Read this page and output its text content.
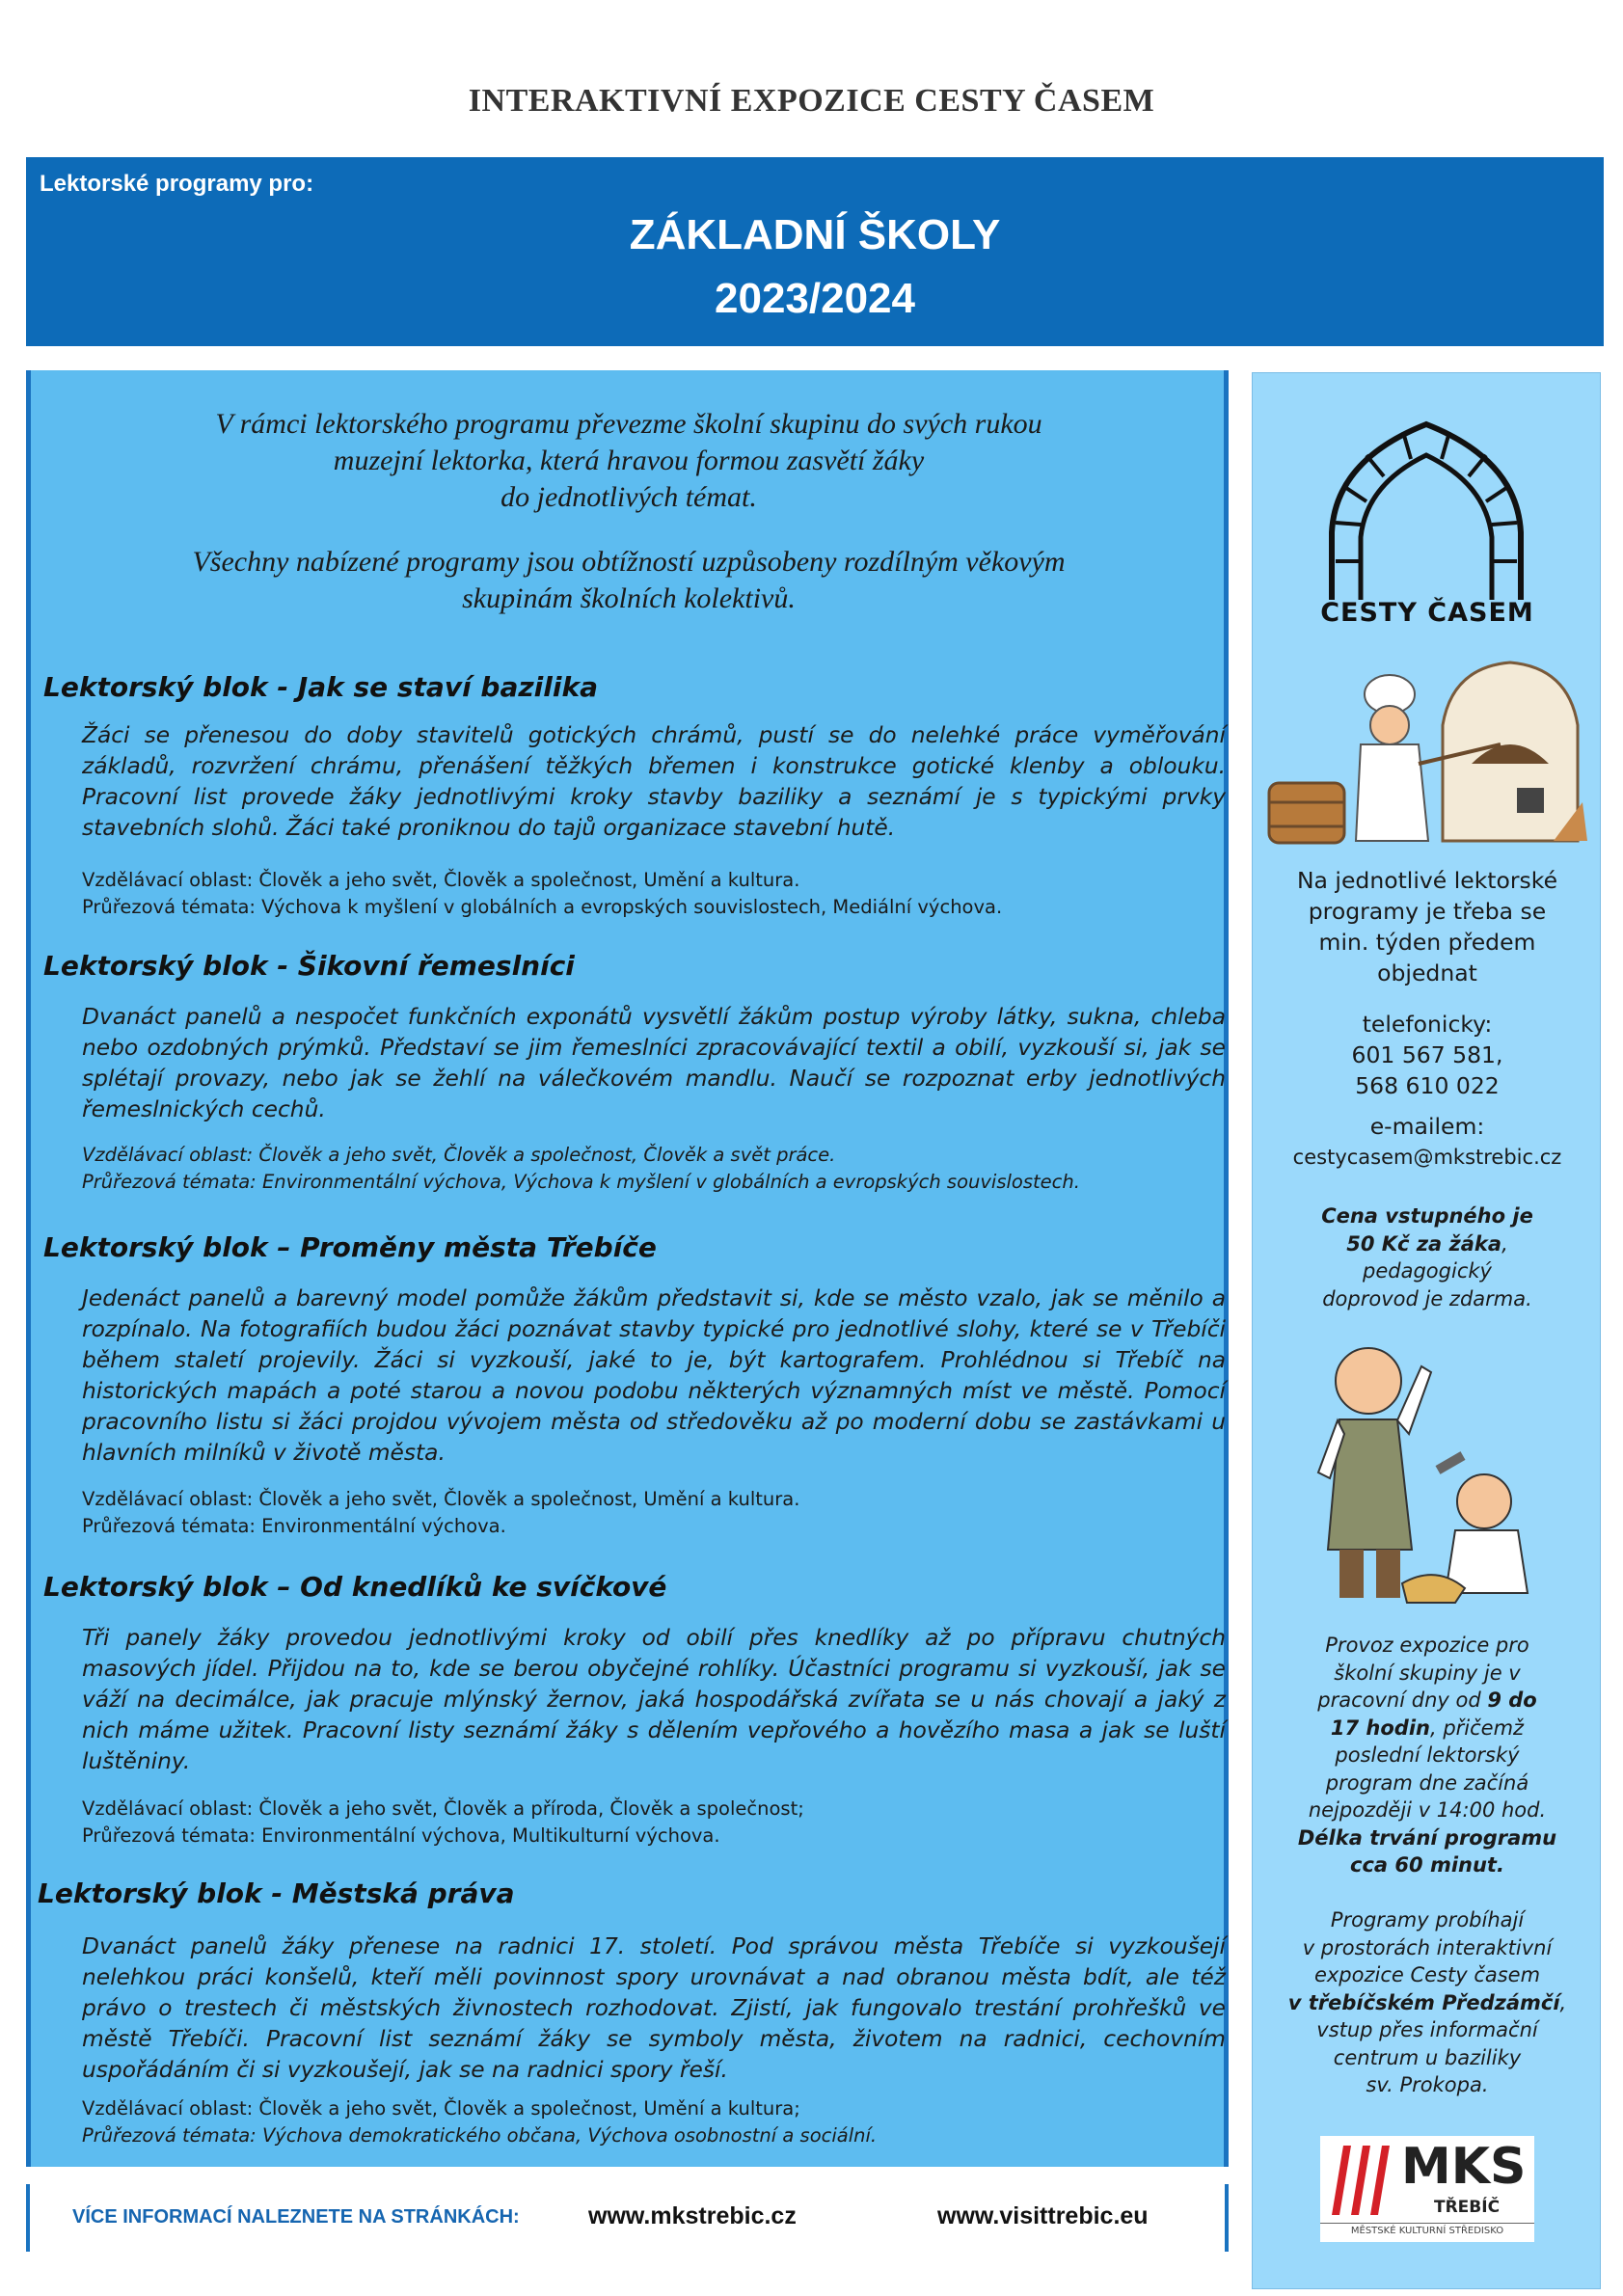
INTERAKTIVNÍ EXPOZICE CESTY ČASEM
Lektorské programy pro:
ZÁKLADNÍ ŠKOLY
2023/2024
V rámci lektorského programu převezme školní skupinu do svých rukou
muzejní lektorka, která hravou formou zasvětí žáky
do jednotlivých témat.
Všechny nabízené programy jsou obtížností uzpůsobeny rozdílným věkovým
skupinám školních kolektivů.
Lektorský blok - Jak se staví bazilika
Žáci se přenesou do doby stavitelů gotických chrámů, pustí se do nelehké práce vyměřování základů, rozvržení chrámu, přenášení těžkých břemen i konstrukce gotické klenby a oblouku. Pracovní list provede žáky jednotlivými kroky stavby baziliky a seznámí je s typickými prvky stavebních slohů. Žáci také proniknou do tajů organizace stavební hutě.
Vzdělávací oblast: Člověk a jeho svět, Člověk a společnost, Umění a kultura.
Průřezová témata: Výchova k myšlení v globálních a evropských souvislostech, Mediální výchova.
Lektorský blok - Šikovní řemeslníci
Dvanáct panelů a nespočet funkčních exponátů vysvětlí žákům postup výroby látky, sukna, chleba nebo ozdobných prýmků. Představí se jim řemeslníci zpracovávající textil a obilí, vyzkouší si, jak se splétají provazy, nebo jak se žehlí na válečkovém mandlu. Naučí se rozpoznat erby jednotlivých řemeslnických cechů.
Vzdělávací oblast: Člověk a jeho svět, Člověk a společnost, Člověk a svět práce.
Průřezová témata: Environmentální výchova, Výchova k myšlení v globálních a evropských souvislostech.
Lektorský blok – Proměny města Třebíče
Jedenáct panelů a barevný model pomůže žákům představit si, kde se město vzalo, jak se měnilo a rozpínalo. Na fotografiích budou žáci poznávat stavby typické pro jednotlivé slohy, které se v Třebíči během staletí projevily. Žáci si vyzkouší, jaké to je, být kartografem. Prohlédnou si Třebíč na historických mapách a poté starou a novou podobu některých významných míst ve městě. Pomocí pracovního listu si žáci projdou vývojem města od středověku až po moderní dobu se zastávkami u hlavních milníků v životě města.
Vzdělávací oblast: Člověk a jeho svět, Člověk a společnost, Umění a kultura.
Průřezová témata: Environmentální výchova.
Lektorský blok – Od knedlíků ke svíčkové
Tři panely žáky provedou jednotlivými kroky od obilí přes knedlíky až po přípravu chutných masových jídel. Přijdou na to, kde se berou obyčejné rohlíky. Účastníci programu si vyzkouší, jak se váží na decimálce, jak pracuje mlýnský žernov, jaká hospodářská zvířata se u nás chovají a jaký z nich máme užitek. Pracovní listy seznámí žáky s dělením vepřového a hovězího masa a jak se luští luštěniny.
Vzdělávací oblast: Člověk a jeho svět, Člověk a příroda, Člověk a společnost;
Průřezová témata: Environmentální výchova, Multikulturní výchova.
Lektorský blok - Městská práva
Dvanáct panelů žáky přenese na radnici 17. století. Pod správou města Třebíče si vyzkoušejí nelehkou práci konšelů, kteří měli povinnost spory urovnávat a nad obranou města bdít, ale též právo o trestech či městských živnostech rozhodovat. Zjistí, jak fungovalo trestání prohřešků ve městě Třebíči. Pracovní list seznámí žáky se symboly města, životem na radnici, cechovním uspořádáním či si vyzkoušejí, jak se na radnici spory řeší.
Vzdělávací oblast: Člověk a jeho svět, Člověk a společnost, Umění a kultura;
Průřezová témata: Výchova demokratického občana, Výchova osobnostní a sociální.
CESTY ČASEM
Na jednotlivé lektorské
programy je třeba se
min. týden předem
objednat
telefonicky:
601 567 581,
568 610 022
e-mailem:
cestycasem@mkstrebic.cz
Cena vstupného je
50 Kč za žáka,
pedagogický
doprovod je zdarma.
Provoz expozice pro
školní skupiny je v
pracovní dny od 9 do
17 hodin, přičemž
poslední lektorský
program dne začíná
nejpozději v 14:00 hod.
Délka trvání programu
cca 60 minut.
Programy probíhají
v prostorách interaktivní
expozice Cesty časem
v třebíčském Předzámčí,
vstup přes informační
centrum u baziliky
sv. Prokopa.
MKS
TŘEBÍČ
MĚSTSKÉ KULTURNÍ STŘEDISKO
VÍCE INFORMACÍ NALEZNETE NA STRÁNKÁCH:	www.mkstrebic.cz	www.visittrebic.eu
